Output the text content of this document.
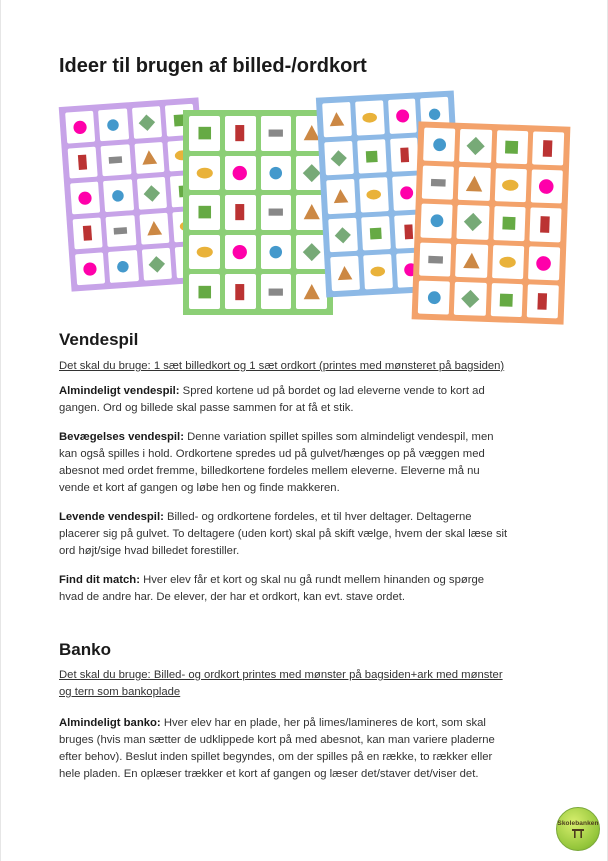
Ideer til brugen af billed-/ordkort
Vendespil
Det skal du bruge: 1 sæt billedkort og 1 sæt ordkort (printes med mønsteret på bagsiden)
Almindeligt vendespil: Spred kortene ud på bordet og lad eleverne vende to kort ad
gangen. Ord og billede skal passe sammen for at få et stik.
Bevægelses vendespil: Denne variation spillet spilles som almindeligt vendespil, men
kan også spilles i hold. Ordkortene spredes ud på gulvet/hænges op på væggen med
abesnot med ordet fremme, billedkortene fordeles mellem eleverne. Eleverne må nu
vende et kort af gangen og løbe hen og finde makkeren.
Levende vendespil: Billed- og ordkortene fordeles, et til hver deltager. Deltagerne
placerer sig på gulvet. To deltagere (uden kort) skal på skift vælge, hvem der skal læse sit
ord højt/sige hvad billedet forestiller.
Find dit match: Hver elev får et kort og skal nu gå rundt mellem hinanden og spørge
hvad de andre har. De elever, der har et ordkort, kan evt. stave ordet.
Banko
Det skal du bruge: Billed- og ordkort printes med mønster på bagsiden+ark med mønster
og tern som bankoplade
Almindeligt banko: Hver elev har en plade, her på limes/lamineres de kort, som skal
bruges (hvis man sætter de udklippede kort på med abesnot, kan man variere pladerne
efter behov). Beslut inden spillet begyndes, om der spilles på en række, to rækker eller
hele pladen. En oplæser trækker et kort af gangen og læser det/staver det/viser det.
Skolebanken
